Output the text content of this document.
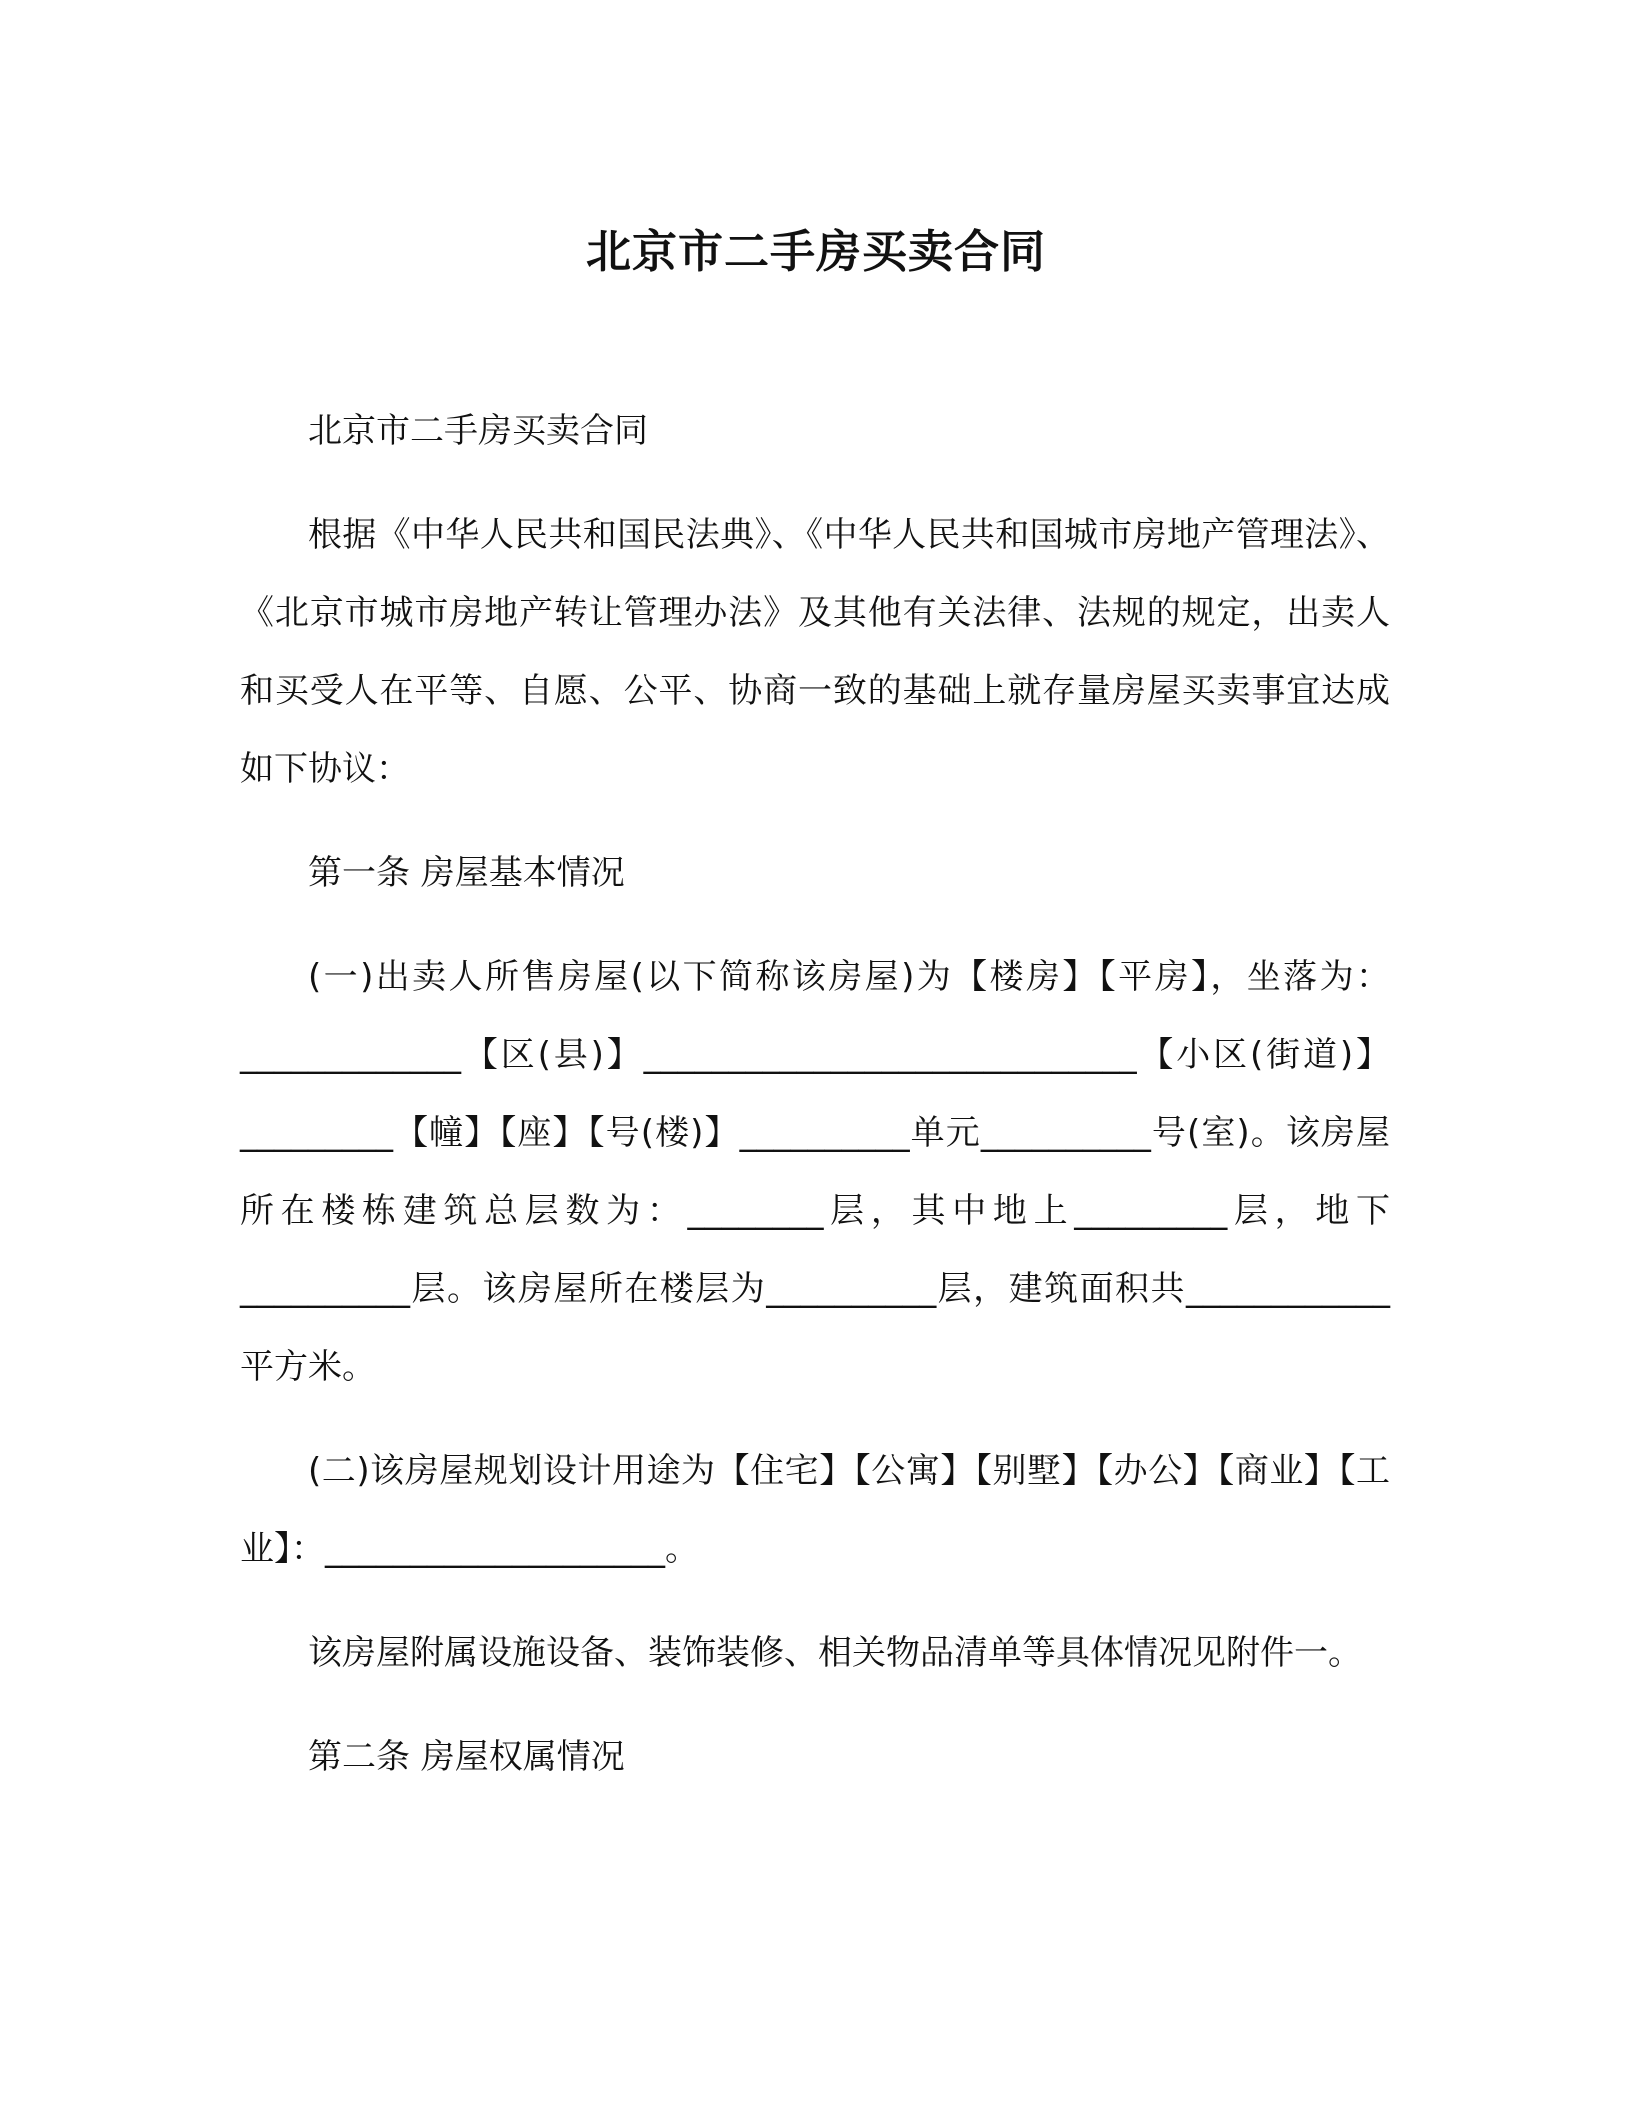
北京市二手房买卖合同

北京市二手房买卖合同

根据《中华人民共和国民法典》、《中华人民共和国城市房地产管理法》、《北京市城市房地产转让管理办法》及其他有关法律、法规的规定，出卖人和买受人在平等、自愿、公平、协商一致的基础上就存量房屋买卖事宜达成如下协议：

第一条 房屋基本情况

(一)出卖人所售房屋(以下简称该房屋)为【楼房】【平房】，坐落为：_____________【区(县)】_____________________________【小区(街道)】_________【幢】【座】【号(楼)】__________单元__________号(室)。该房屋所在楼栋建筑总层数为：________层，其中地上_________层，地下__________层。该房屋所在楼层为__________层，建筑面积共____________平方米。

(二)该房屋规划设计用途为【住宅】【公寓】【别墅】【办公】【商业】【工业】：____________________。

该房屋附属设施设备、装饰装修、相关物品清单等具体情况见附件一。

第二条 房屋权属情况
